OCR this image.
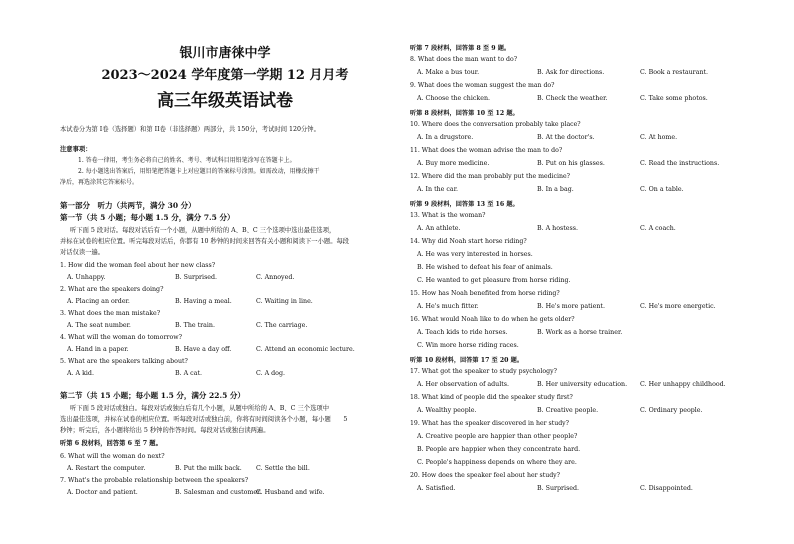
银川市唐徕中学
2023～2024 学年度第一学期 12 月月考
高三年级英语试卷
本试卷分为第 I卷（选择题）和第 II卷（非选择题）两部分，共 150分，考试时间 120分钟。
注意事项：
1. 答卷一律用，考生务必将自己的姓名、考号、考试科目用铅笔涂写在答题卡上。
2. 每小题选出答案后，用铅笔把答题卡上对应题目的答案标号涂黑。如需改动，用橡皮擦干
净后，再选涂其它答案标号。
第一部分　听力（共两节，满分 30 分）
第一节（共 5 小题；每小题 1.5 分，满分 7.5 分）
听下面 5 段对话。每段对话后有一个小题，从题中所给的 A、B、C 三个选项中选出最佳选项，
并标在试卷的相应位置。听完每段对话后，你都有 10 秒钟的时间来回答有关小题和阅读下一小题。每段
对话仅读一遍。
1. How did the woman feel about her new class?
A. Unhappy.	B. Surprised.	C. Annoyed.
2. What are the speakers doing?
A. Placing an order.	B. Having a meal.	C. Waiting in line.
3. What does the man mistake?
A. The seat number.	B. The train.	C. The carriage.
4. What will the woman do tomorrow?
A. Hand in a paper.	B. Have a day off.	C. Attend an economic lecture.
5. What are the speakers talking about?
A. A kid.	B. A cat.	C. A dog.
第二节（共 15 小题；每小题 1.5 分，满分 22.5 分）
听下面 5 段对话或独白。每段对话或独白后有几个小题，从题中所给的 A、B、C 三个选项中
选出最佳选项，并标在试卷的相应位置。听每段对话或独白前，你将有时间阅读各个小题，每小题　　5
秒钟；听完后，各小题将给出 5 秒钟的作答时间。每段对话或独白读两遍。
听第 6 段材料，回答第 6 至 7 题。
6. What will the woman do next?
A. Restart the computer.	B. Put the milk back. C. Settle the bill.
7. What's the probable relationship between the speakers?
A. Doctor and patient.	B. Salesman and customer.
C. Husband and wife.
听第 7 段材料，回答第 8 至 9 题。
8. What does the man want to do?
A. Make a bus tour.	B. Ask for directions.	C. Book a restaurant.
9. What does the woman suggest the man do?
A. Choose the chicken.	B. Check the weather.	C. Take some photos.
听第 8 段材料，回答第 10 至 12 题。
10. Where does the conversation probably take place?
A. In a drugstore.	B. At the doctor's.	C. At home.
11. What does the woman advise the man to do?
A. Buy more medicine.	B. Put on his glasses.	C. Read the instructions.
12. Where did the man probably put the medicine?
A. In the car.	B. In a bag.	C. On a table.
听第 9 段材料，回答第 13 至 16 题。
13. What is the woman?
A. An athlete.	B. A hostess.	C. A coach.
14. Why did Noah start horse riding?
A. He was very interested in horses.
B. He wished to defeat his fear of animals.
C. He wanted to get pleasure from horse riding.
15. How has Noah benefited from horse riding?
A. He's much fitter.	B. He's more patient.	C. He's more energetic.
16. What would Noah like to do when he gets older?
A. Teach kids to ride horses.	B. Work as a horse trainer.
C. Win more horse riding races.
听第 10 段材料，回答第 17 至 20 题。
17. What got the speaker to study psychology?
A. Her observation of adults.	B. Her university education. C. Her unhappy childhood.
18. What kind of people did the speaker study first?
A. Wealthy people.	B. Creative people.	C. Ordinary people.
19. What has the speaker discovered in her study?
A. Creative people are happier than other people?
B. People are happier when they concentrate hard.
C. People's happiness depends on where they are.
20. How does the speaker feel about her study?
A. Satisfied.	B. Surprised.	C. Disappointed.
